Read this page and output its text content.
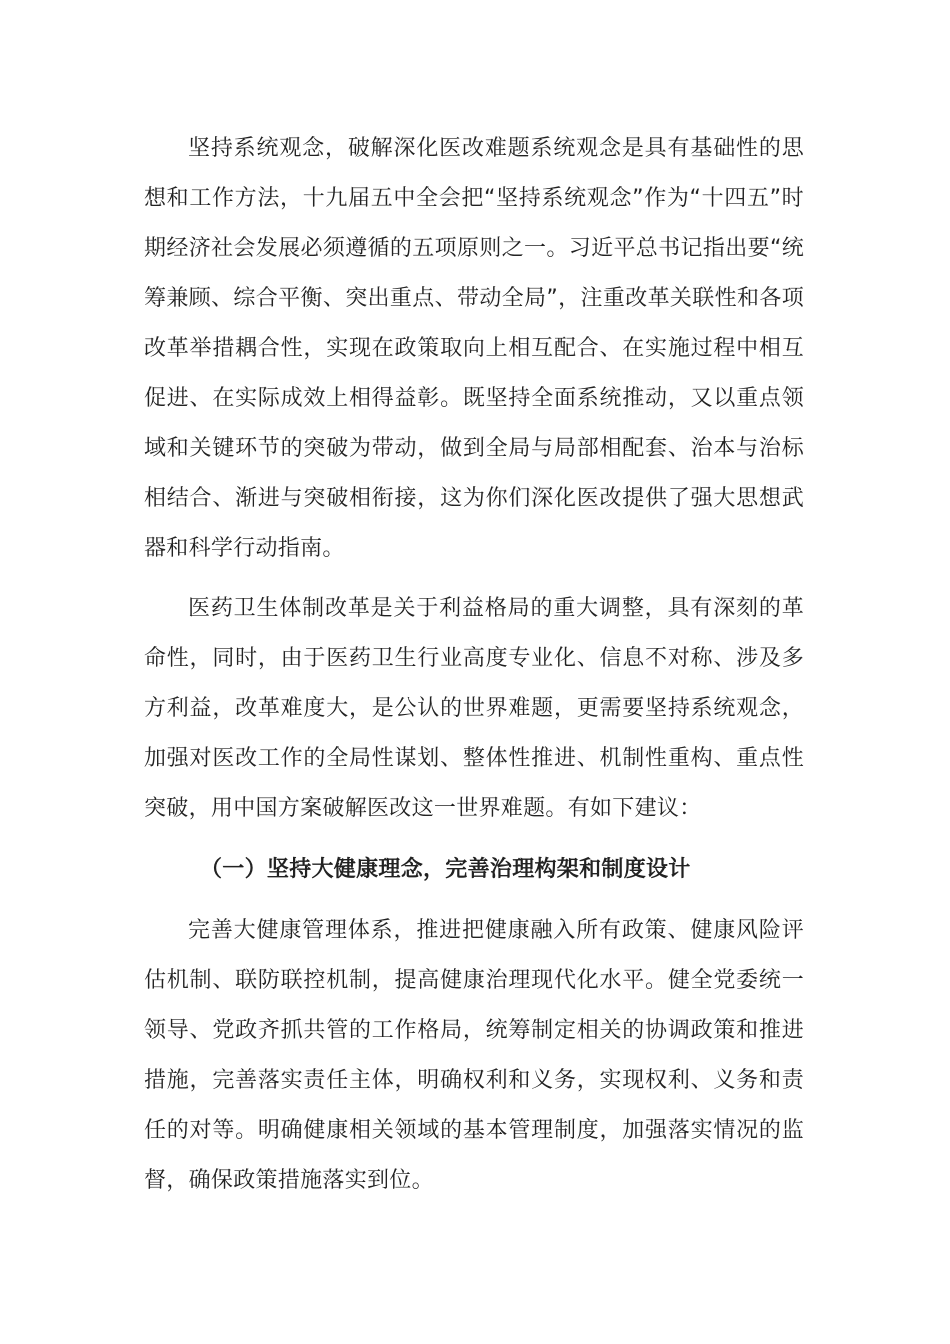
坚持系统观念，破解深化医改难题系统观念是具有基础性的思想和工作方法，十九届五中全会把“坚持系统观念”作为“十四五”时期经济社会发展必须遵循的五项原则之一。习近平总书记指出要“统筹兼顾、综合平衡、突出重点、带动全局”，注重改革关联性和各项改革举措耦合性，实现在政策取向上相互配合、在实施过程中相互促进、在实际成效上相得益彰。既坚持全面系统推动，又以重点领域和关键环节的突破为带动，做到全局与局部相配套、治本与治标相结合、渐进与突破相衔接，这为你们深化医改提供了强大思想武器和科学行动指南。

医药卫生体制改革是关于利益格局的重大调整，具有深刻的革命性，同时，由于医药卫生行业高度专业化、信息不对称、涉及多方利益，改革难度大，是公认的世界难题，更需要坚持系统观念，加强对医改工作的全局性谋划、整体性推进、机制性重构、重点性突破，用中国方案破解医改这一世界难题。有如下建议：

（一）坚持大健康理念，完善治理构架和制度设计

完善大健康管理体系，推进把健康融入所有政策、健康风险评估机制、联防联控机制，提高健康治理现代化水平。健全党委统一领导、党政齐抓共管的工作格局，统筹制定相关的协调政策和推进措施，完善落实责任主体，明确权利和义务，实现权利、义务和责任的对等。明确健康相关领域的基本管理制度，加强落实情况的监督，确保政策措施落实到位。
